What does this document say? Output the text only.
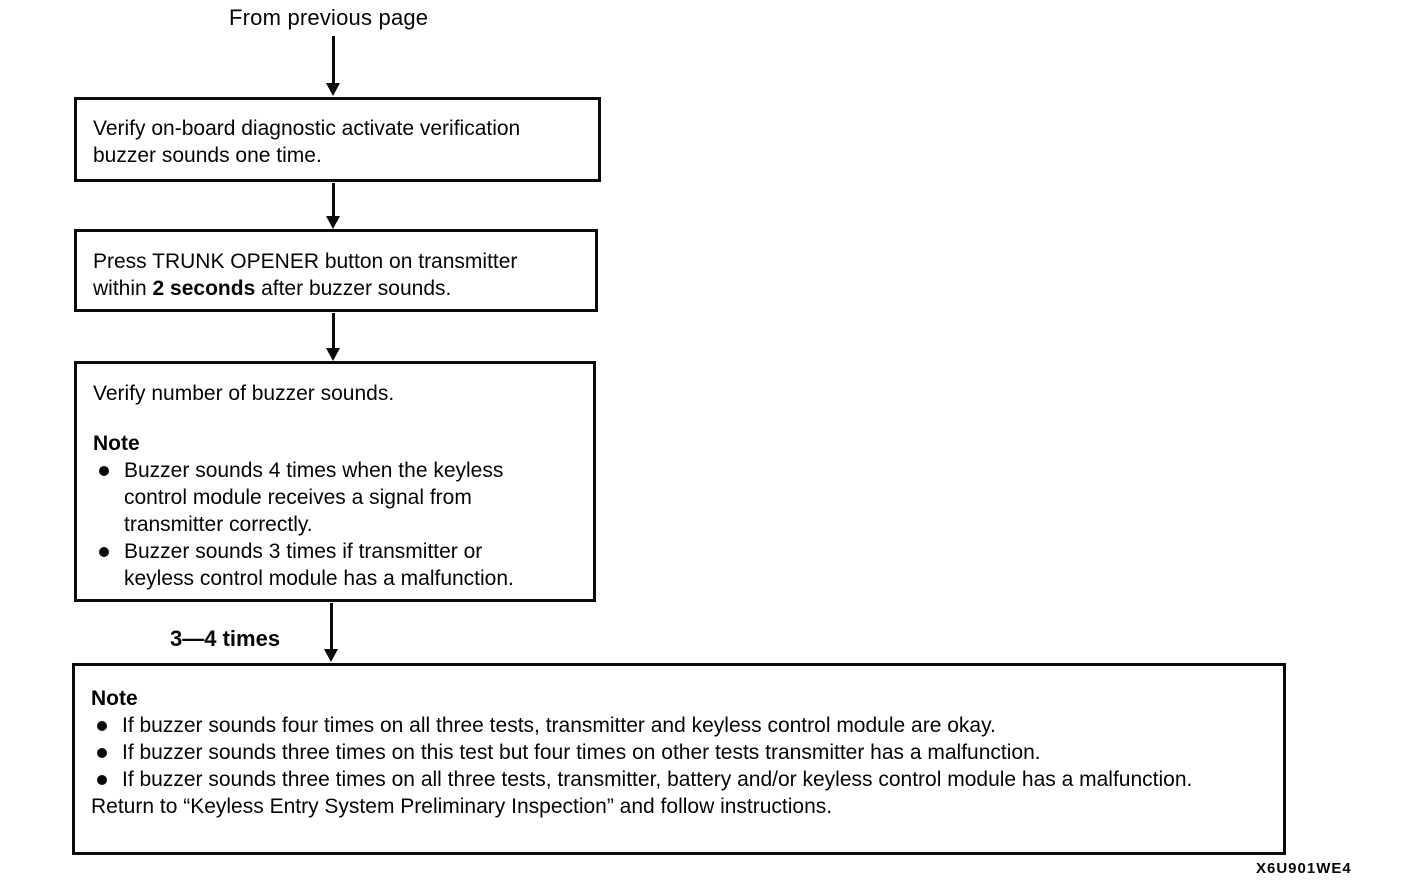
From previous page

Verify on-board diagnostic activate verification buzzer sounds one time.

Press TRUNK OPENER button on transmitter within 2 seconds after buzzer sounds.

Verify number of buzzer sounds.

Note

Buzzer sounds 4 times when the keyless control module receives a signal from transmitter correctly.
Buzzer sounds 3 times if transmitter or keyless control module has a malfunction.
3—4 times

Note

If buzzer sounds four times on all three tests, transmitter and keyless control module are okay.
If buzzer sounds three times on this test but four times on other tests transmitter has a malfunction.
If buzzer sounds three times on all three tests, transmitter, battery and/or keyless control module has a malfunction.

Return to “Keyless Entry System Preliminary Inspection” and follow instructions.

X6U901WE4
